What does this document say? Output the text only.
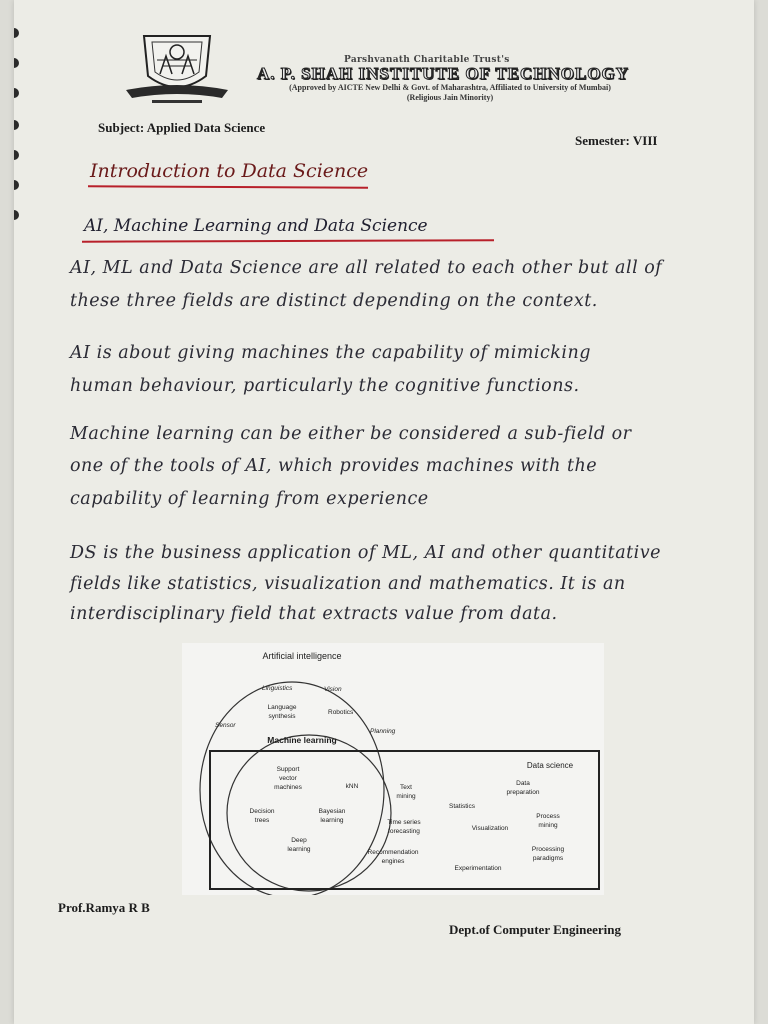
Parshvanath Charitable Trust's
A. P. SHAH INSTITUTE OF TECHNOLOGY
(Approved by AICTE New Delhi & Govt. of Maharashtra, Affiliated to University of Mumbai)
(Religious Jain Minority)
Subject: Applied Data Science
Semester: VIII
Introduction to Data Science
AI, Machine Learning and Data Science
AI, ML and Data Science are all related to each other but all of
these three fields are distinct depending on the context.
AI is about giving machines the capability of mimicking
human behaviour, particularly the cognitive functions.
Machine learning can be either be considered a sub-field or
one of the tools of AI, which provides machines with the
capability of learning from experience
DS is the business application of ML, AI and other quantitative
fields like statistics, visualization and mathematics. It is an
interdisciplinary field that extracts value from data.
Artificial intelligence
Machine learning
Data science
Linguistics	Vision
Language
synthesis
Robotics
Sensor
Planning
Support
vector
machines	kNN	Text
mining
Decision
trees
Bayesian
learning
Deep
learning
Time series
forecasting
Recommendation
engines
Statistics
Data
preparation
Visualization
Process
mining
Processing
paradigms
Experimentation
Prof.Ramya R B
Dept.of Computer Engineering
